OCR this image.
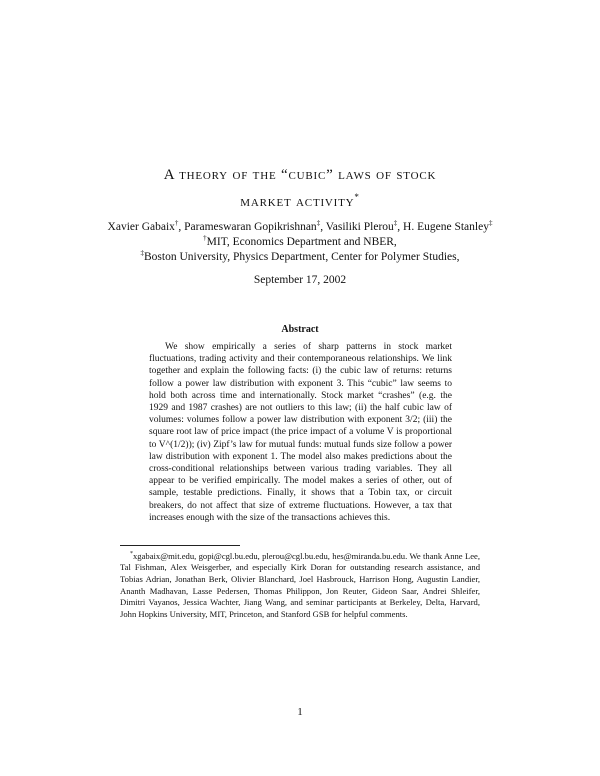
A theory of the “cubic” laws of stock
market activity*
Xavier Gabaix†, Parameswaran Gopikrishnan‡, Vasiliki Plerou‡, H. Eugene Stanley‡
†MIT, Economics Department and NBER,
‡Boston University, Physics Department, Center for Polymer Studies,
September 17, 2002
Abstract
We show empirically a series of sharp patterns in stock market fluctuations, trading activity and their contemporaneous relationships. We link together and explain the following facts: (i) the cubic law of returns: returns follow a power law distribution with exponent 3. This “cubic” law seems to hold both across time and internationally. Stock market “crashes” (e.g. the 1929 and 1987 crashes) are not outliers to this law; (ii) the half cubic law of volumes: volumes follow a power law distribution with exponent 3/2; (iii) the square root law of price impact (the price impact of a volume V is proportional to V^(1/2)); (iv) Zipf’s law for mutual funds: mutual funds size follow a power law distribution with exponent 1. The model also makes predictions about the cross-conditional relationships between various trading variables. They all appear to be verified empirically. The model makes a series of other, out of sample, testable predictions. Finally, it shows that a Tobin tax, or circuit breakers, do not affect that size of extreme fluctuations. However, a tax that increases enough with the size of the transactions achieves this.
*xgabaix@mit.edu, gopi@cgl.bu.edu, plerou@cgl.bu.edu, hes@miranda.bu.edu. We thank Anne Lee, Tal Fishman, Alex Weisgerber, and especially Kirk Doran for outstanding research assistance, and Tobias Adrian, Jonathan Berk, Olivier Blanchard, Joel Hasbrouck, Harrison Hong, Augustin Landier, Ananth Madhavan, Lasse Pedersen, Thomas Philippon, Jon Reuter, Gideon Saar, Andrei Shleifer, Dimitri Vayanos, Jessica Wachter, Jiang Wang, and seminar participants at Berkeley, Delta, Harvard, John Hopkins University, MIT, Princeton, and Stanford GSB for helpful comments.
1
